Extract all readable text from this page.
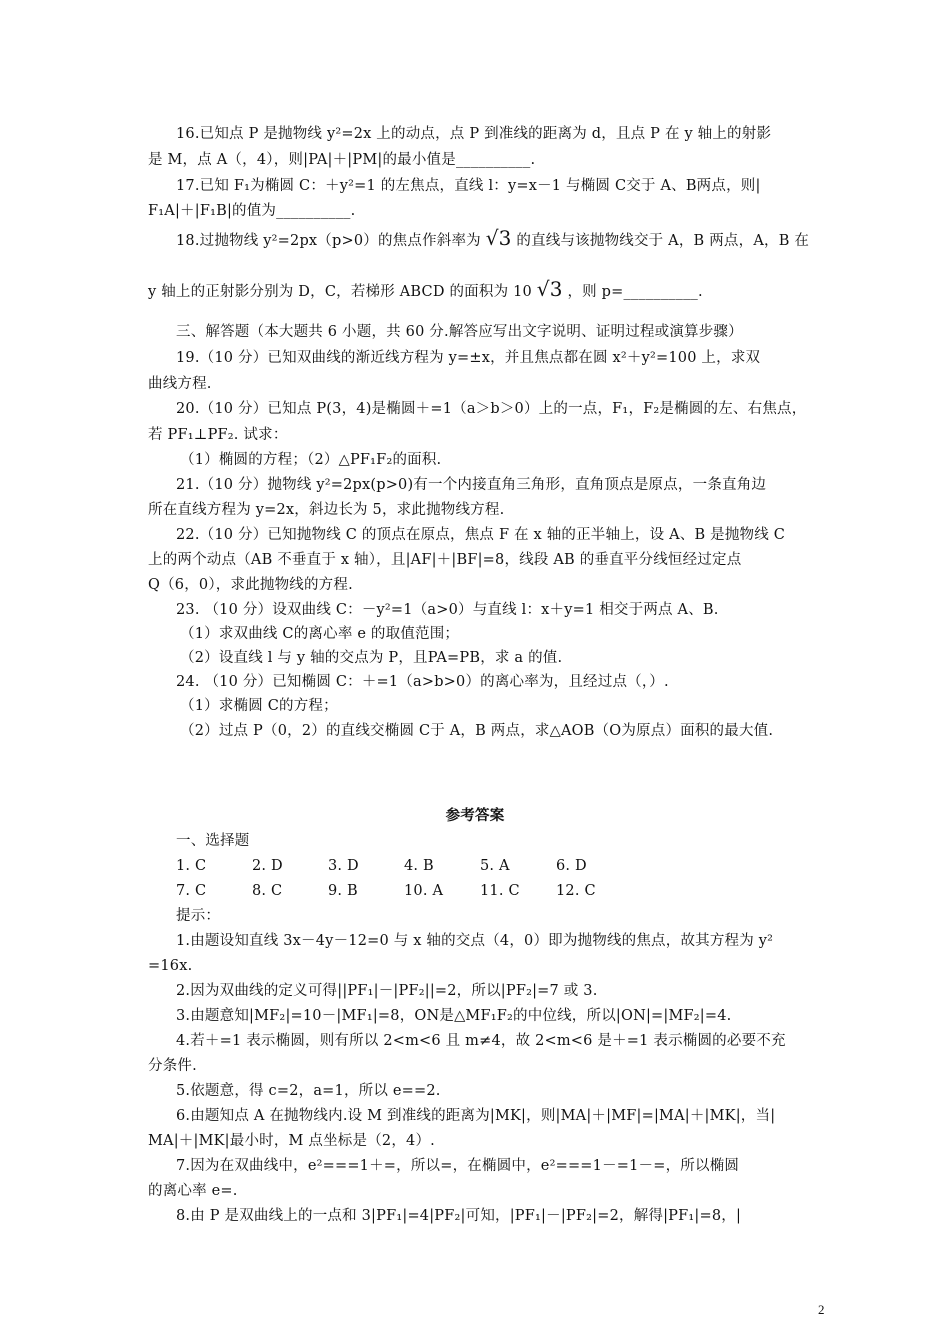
16.已知点 P 是抛物线 y²=2x 上的动点，点 P 到准线的距离为 d，且点 P 在 y 轴上的射影
是 M，点 A（，4），则|PA|＋|PM|的最小值是__________.
17.已知 F₁为椭圆 C：＋y²=1 的左焦点，直线 l：y=x－1 与椭圆 C交于 A、B两点，则|
F₁A|＋|F₁B|的值为__________.
18.过抛物线 y²=2px（p>0）的焦点作斜率为 √3 的直线与该抛物线交于 A，B 两点，A，B 在
y 轴上的正射影分别为 D，C，若梯形 ABCD 的面积为 10 √3 ，则 p=__________.
三、解答题（本大题共 6 小题，共 60 分.解答应写出文字说明、证明过程或演算步骤）
19.（10 分）已知双曲线的渐近线方程为 y=±x，并且焦点都在圆 x²＋y²=100 上，求双
曲线方程.
20.（10 分）已知点 P(3，4)是椭圆＋=1（a＞b＞0）上的一点，F₁，F₂是椭圆的左、右焦点，
若 PF₁⊥PF₂. 试求：
（1）椭圆的方程；（2）△PF₁F₂的面积.
21.（10 分）抛物线 y²=2px(p>0)有一个内接直角三角形，直角顶点是原点，一条直角边
所在直线方程为 y=2x，斜边长为 5，求此抛物线方程.
22.（10 分）已知抛物线 C 的顶点在原点，焦点 F 在 x 轴的正半轴上，设 A、B 是抛物线 C
上的两个动点（AB 不垂直于 x 轴），且|AF|＋|BF|=8，线段 AB 的垂直平分线恒经过定点
Q（6，0），求此抛物线的方程.
23. （10 分）设双曲线 C：－y²=1（a>0）与直线 l：x＋y=1 相交于两点 A、B.
（1）求双曲线 C的离心率 e 的取值范围；
（2）设直线 l 与 y 轴的交点为 P，且PA=PB，求 a 的值.
24. （10 分）已知椭圆 C：＋=1（a>b>0）的离心率为，且经过点（，）.
（1）求椭圆 C的方程；
（2）过点 P（0，2）的直线交椭圆 C于 A，B 两点，求△AOB（O为原点）面积的最大值.
参考答案
一、选择题
1. C	2. D	3. D	4. B	5. A	6. D
7. C	8. C	9. B	10. A	11. C 12. C
提示：
1.由题设知直线 3x－4y－12=0 与 x 轴的交点（4，0）即为抛物线的焦点，故其方程为 y²
=16x.
2.因为双曲线的定义可得||PF₁|－|PF₂||=2，所以|PF₂|=7 或 3.
3.由题意知|MF₂|=10－|MF₁|=8，ON是△MF₁F₂的中位线，所以|ON|=|MF₂|=4.
4.若＋=1 表示椭圆，则有所以 2<m<6 且 m≠4，故 2<m<6 是＋=1 表示椭圆的必要不充
分条件.
5.依题意，得 c=2，a=1，所以 e==2.
6.由题知点 A 在抛物线内.设 M 到准线的距离为|MK|，则|MA|＋|MF|=|MA|＋|MK|，当|
MA|＋|MK|最小时，M 点坐标是（2，4）.
7.因为在双曲线中，e²===1＋=，所以=，在椭圆中，e²===1－=1－=，所以椭圆
的离心率 e=.
8.由 P 是双曲线上的一点和 3|PF₁|=4|PF₂|可知，|PF₁|－|PF₂|=2，解得|PF₁|=8，|
2
